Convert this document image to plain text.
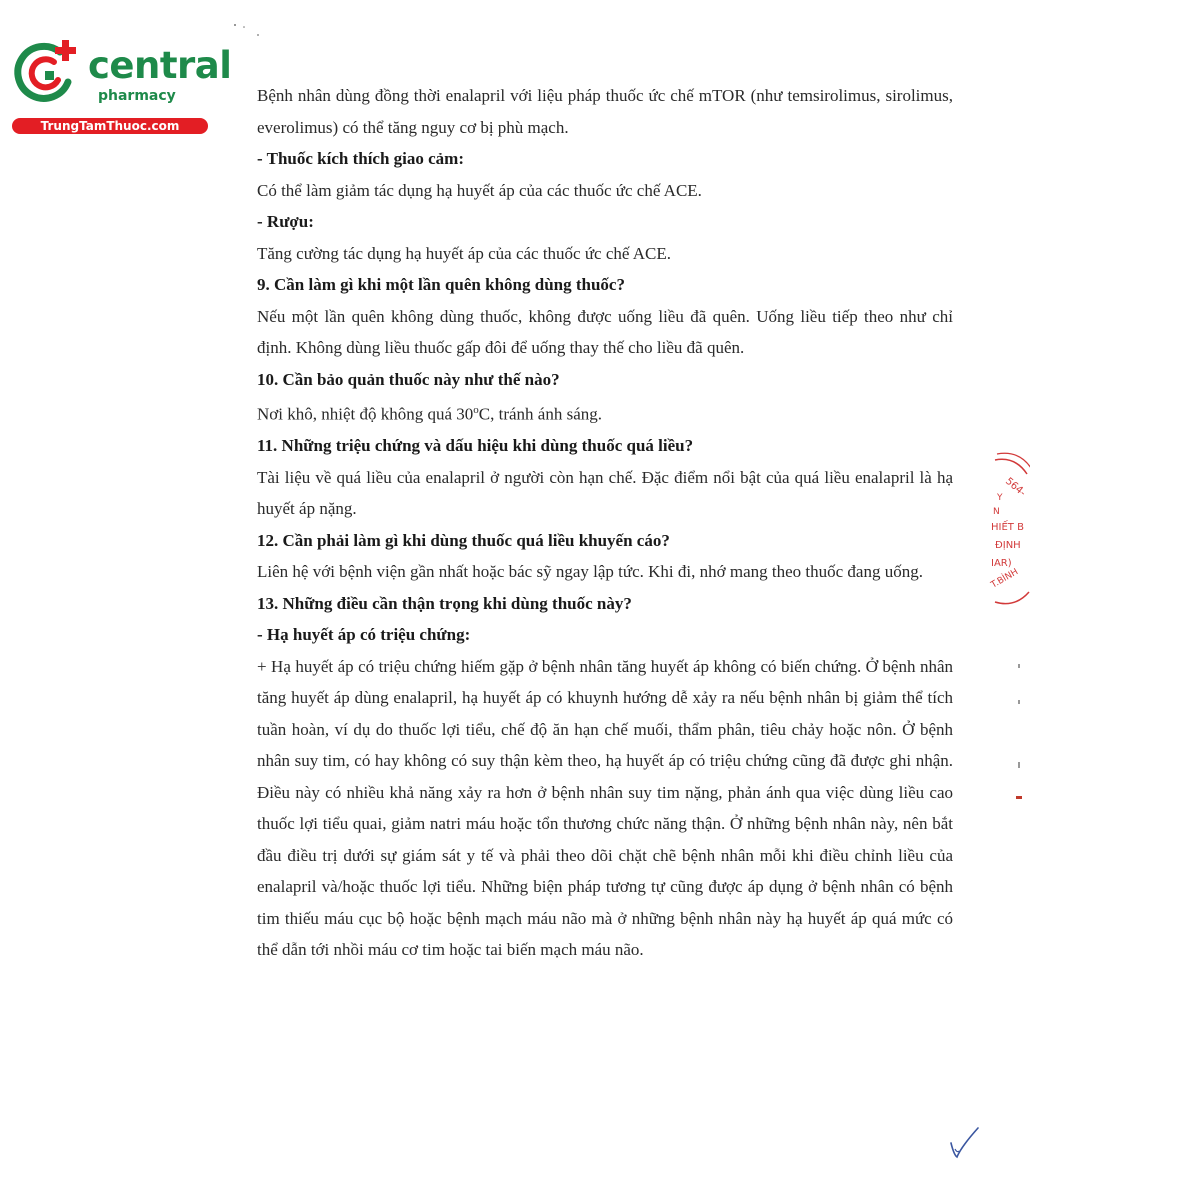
central
pharmacy
TrungTamThuoc.com

Bệnh nhân dùng đồng thời enalapril với liệu pháp thuốc ức chế mTOR (như temsirolimus, sirolimus, everolimus) có thể tăng nguy cơ bị phù mạch.

- Thuốc kích thích giao cảm:

Có thể làm giảm tác dụng hạ huyết áp của các thuốc ức chế ACE.

- Rượu:

Tăng cường tác dụng hạ huyết áp của các thuốc ức chế ACE.

9. Cần làm gì khi một lần quên không dùng thuốc?

Nếu một lần quên không dùng thuốc, không được uống liều đã quên. Uống liều tiếp theo như chỉ định. Không dùng liều thuốc gấp đôi để uống thay thế cho liều đã quên.

10. Cần bảo quản thuốc này như thế nào?

Nơi khô, nhiệt độ không quá 30$^o$C, tránh ánh sáng.

11. Những triệu chứng và dấu hiệu khi dùng thuốc quá liều?

Tài liệu về quá liều của enalapril ở người còn hạn chế. Đặc điểm nổi bật của quá liều enalapril là hạ huyết áp nặng.

12. Cần phải làm gì khi dùng thuốc quá liều khuyến cáo?

Liên hệ với bệnh viện gần nhất hoặc bác sỹ ngay lập tức. Khi đi, nhớ mang theo thuốc đang uống.

13. Những điều cần thận trọng khi dùng thuốc này?

- Hạ huyết áp có triệu chứng:

+ Hạ huyết áp có triệu chứng hiếm gặp ở bệnh nhân tăng huyết áp không có biến chứng. Ở bệnh nhân tăng huyết áp dùng enalapril, hạ huyết áp có khuynh hướng dễ xảy ra nếu bệnh nhân bị giảm thể tích tuần hoàn, ví dụ do thuốc lợi tiểu, chế độ ăn hạn chế muối, thẩm phân, tiêu chảy hoặc nôn. Ở bệnh nhân suy tim, có hay không có suy thận kèm theo, hạ huyết áp có triệu chứng cũng đã được ghi nhận. Điều này có nhiều khả năng xảy ra hơn ở bệnh nhân suy tim nặng, phản ánh qua việc dùng liều cao thuốc lợi tiểu quai, giảm natri máu hoặc tổn thương chức năng thận. Ở những bệnh nhân này, nên bắt đầu điều trị dưới sự giám sát y tế và phải theo dõi chặt chẽ bệnh nhân mỗi khi điều chỉnh liều của enalapril và/hoặc thuốc lợi tiểu. Những biện pháp tương tự cũng được áp dụng ở bệnh nhân có bệnh tim thiếu máu cục bộ hoặc bệnh mạch máu não mà ở những bệnh nhân này hạ huyết áp quá mức có thể dẫn tới nhồi máu cơ tim hoặc tai biến mạch máu não.

564-
Y
N
HIẾT B
ĐỊNH
IAR)
T.BÌNH
